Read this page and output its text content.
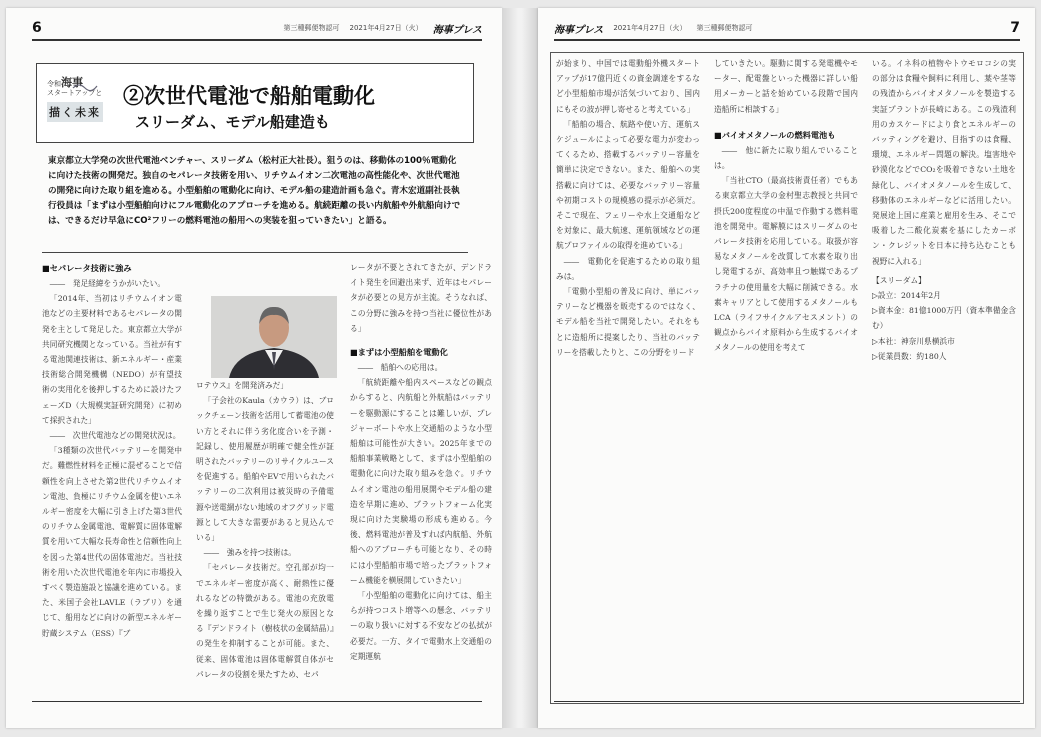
6	第三種郵便物認可 2021年4月27日（火） 海事プレス
令和海事
スタートアップと
描く未来
②次世代電池で船舶電動化
スリーダム、モデル船建造も
東京都立大学発の次世代電池ベンチャー、スリーダム（松村正大社長）。狙うのは、移動体の100％電動化に向けた技術の開発だ。独自のセパレータ技術を用い、リチウムイオン二次電池の高性能化や、次世代電池の開発に向けた取り組を進める。小型船舶の電動化に向け、モデル船の建造計画も急ぐ。青木宏道副社長執行役員は「まずは小型船舶向けにフル電動化のアプローチを進める。航続距離の長い内航船や外航船向けでは、できるだけ早急にCO²フリーの燃料電池の船用への実装を狙っていきたい」と語る。
■セパレータ技術に強み

――　発足経緯をうかがいたい。

「2014年、当初はリチウムイオン電池などの主要材料であるセパレータの開発を主として発足した。東京都立大学が共同研究機関となっている。当社が有する電池関連技術は、新エネルギー・産業技術総合開発機構（NEDO）が有望技術の実用化を後押しするために設けたフェーズD（大規模実証研究開発）に初めて採択された」

――　次世代電池などの開発状況は。

「3種類の次世代バッテリーを開発中だ。難燃性材料を正極に混ぜることで信頼性を向上させた第2世代リチウムイオン電池、負極にリチウム金属を使いエネルギー密度を大幅に引き上げた第3世代のリチウム金属電池、電解質に固体電解質を用いて大幅な長寿命性と信頼性向上を図った第4世代の固体電池だ。当社技術を用いた次世代電池を年内に市場投入すべく製造施設と協議を進めている。また、米国子会社LAVLE（ラブリ）を通じて、船用などに向けの新型エネルギー貯蔵システム（ESS）『ブ

ロテウス』を開発済みだ」

「子会社のKaula（カウラ）は、ブロックチェーン技術を活用して蓄電池の使い方とそれに伴う劣化度合いを予測・記録し、使用履歴が明確で健全性が証明されたバッテリーのリサイクルユースを促進する。船舶やEVで用いられたバッテリーの二次利用は被災時の予備電源や送電網がない地域のオフグリッド電源として大きな需要があると見込んでいる」

――　強みを持つ技術は。

「セパレータ技術だ。空孔部が均一でエネルギー密度が高く、耐熱性に優れるなどの特徴がある。電池の充放電を繰り返すことで生じ発火の原因となる『デンドライト（樹枝状の金属結晶）』の発生を抑制することが可能。また、従来、固体電池は固体電解質自体がセパレータの役割を果たすため、セパ

レータが不要とされてきたが、デンドライト発生を回避出来ず、近年はセパレータが必要との見方が主流。そうなれば、この分野に強みを持つ当社に優位性がある」

■まずは小型船舶を電動化

――　船舶への応用は。

「航続距離や船内スペースなどの観点からすると、内航船と外航船はバッテリーを駆動源にすることは難しいが、プレジャーボートや水上交通船のような小型船舶は可能性が大きい。2025年までの船舶事業戦略として、まずは小型船舶の電動化に向けた取り組みを急ぐ。リチウムイオン電池の船用展開やモデル船の建造を早期に進め、プラットフォーム化実現に向けた実験場の形成も進める。今後、燃料電池が普及すれば内航船、外航船へのアプローチも可能となり、その時には小型船舶市場で培ったプラットフォーム機能を横展開していきたい」

「小型船舶の電動化に向けては、船主らが持つコスト増等への懸念、バッテリーの取り扱いに対する不安などの払拭が必要だ。一方、タイで電動水上交通船の定期運航

海事プレス 2021年4月27日（火） 第三種郵便物認可	7

が始まり、中国では電動船外機スタートアップが17億円近くの資金調達をするなど小型船舶市場が活気づいており、国内にもその波が押し寄せると考えている」

「船舶の場合、航路や使い方、運航スケジュールによって必要な電力が変わってくるため、搭載するバッテリー容量を簡単に決定できない。また、船舶への実搭載に向けては、必要なバッテリー容量や初期コストの規模感の提示が必須だ。そこで現在、フェリーや水上交通船などを対象に、最大航速、運航領域などの運航プロファイルの取得を進めている」

――　電動化を促進するための取り組みは。

「電動小型船の普及に向け、単にバッテリーなど機器を販売するのではなく、モデル船を当社で開発したい。それをもとに造船所に提案したり、当社のバッテリーを搭載したりと、この分野をリード

していきたい。駆動に関する発電機やモーター、配電盤といった機器に詳しい船用メーカーと話を始めている段階で国内造船所に相談する」

■バイオメタノールの燃料電池も

――　他に新たに取り組んでいることは。

「当社CTO（最高技術責任者）でもある東京都立大学の金村聖志教授と共同で摂氏200度程度の中温で作動する燃料電池を開発中。電解膜にはスリーダムのセパレータ技術を応用している。取扱が容易なメタノールを改質して水素を取り出し発電するが、高効率且つ触媒であるプラチナの使用量を大幅に削減できる。水素キャリアとして使用するメタノールもLCA（ライフサイクルアセスメント）の観点からバイオ原料から生成するバイオメタノールの使用を考えて

いる。イネ科の植物やトウモロコシの実の部分は食糧や飼料に利用し、葉や茎等の残渣からバイオメタノールを製造する実証プラントが長崎にある。この残渣利用のカスケードにより食とエネルギーのバッティングを避け、目指すのは食糧、環境、エネルギー問題の解決。塩害地や砂漠化などでCO₂を吸着できない土地を緑化し、バイオメタノールを生成して、移動体のエネルギーなどに活用したい。発展途上国に産業と雇用を生み、そこで吸着した二酸化炭素を基にしたカーボン・クレジットを日本に持ち込むことも視野に入れる」

【スリーダム】
▷設立：2014年2月
▷資本金：81億1000万円（資本準備金含む）
▷本社：神奈川県横浜市
▷従業員数：約180人
